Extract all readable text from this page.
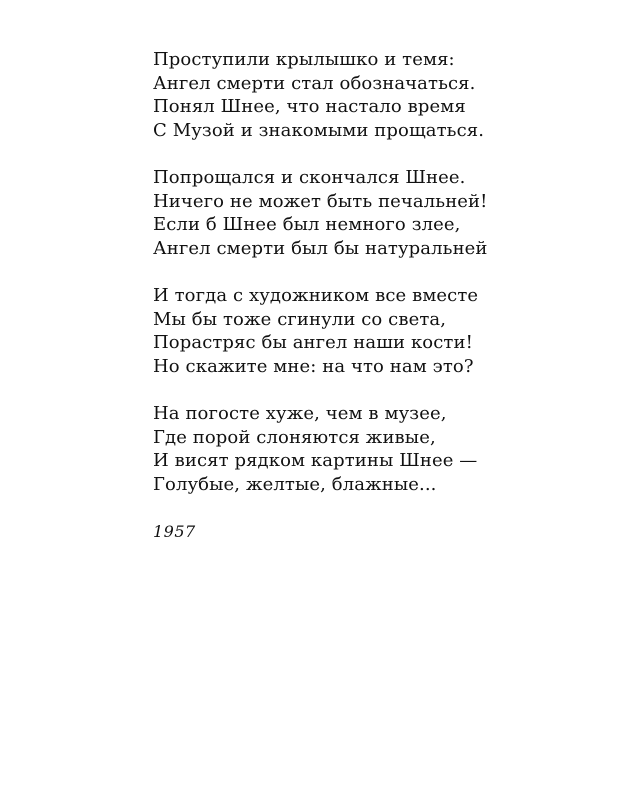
Проступили крылышко и темя:
Ангел смерти стал обозначаться.
Понял Шнее, что настало время
С Музой и знакомыми прощаться.
Попрощался и скончался Шнее.
Ничего не может быть печальней!
Если б Шнее был немного злее,
Ангел смерти был бы натуральней
И тогда с художником все вместе
Мы бы тоже сгинули со света,
Порастряс бы ангел наши кости!
Но скажите мне: на что нам это?
На погосте хуже, чем в музее,
Где порой слоняются живые,
И висят рядком картины Шнее —
Голубые, желтые, блажные...
1957
